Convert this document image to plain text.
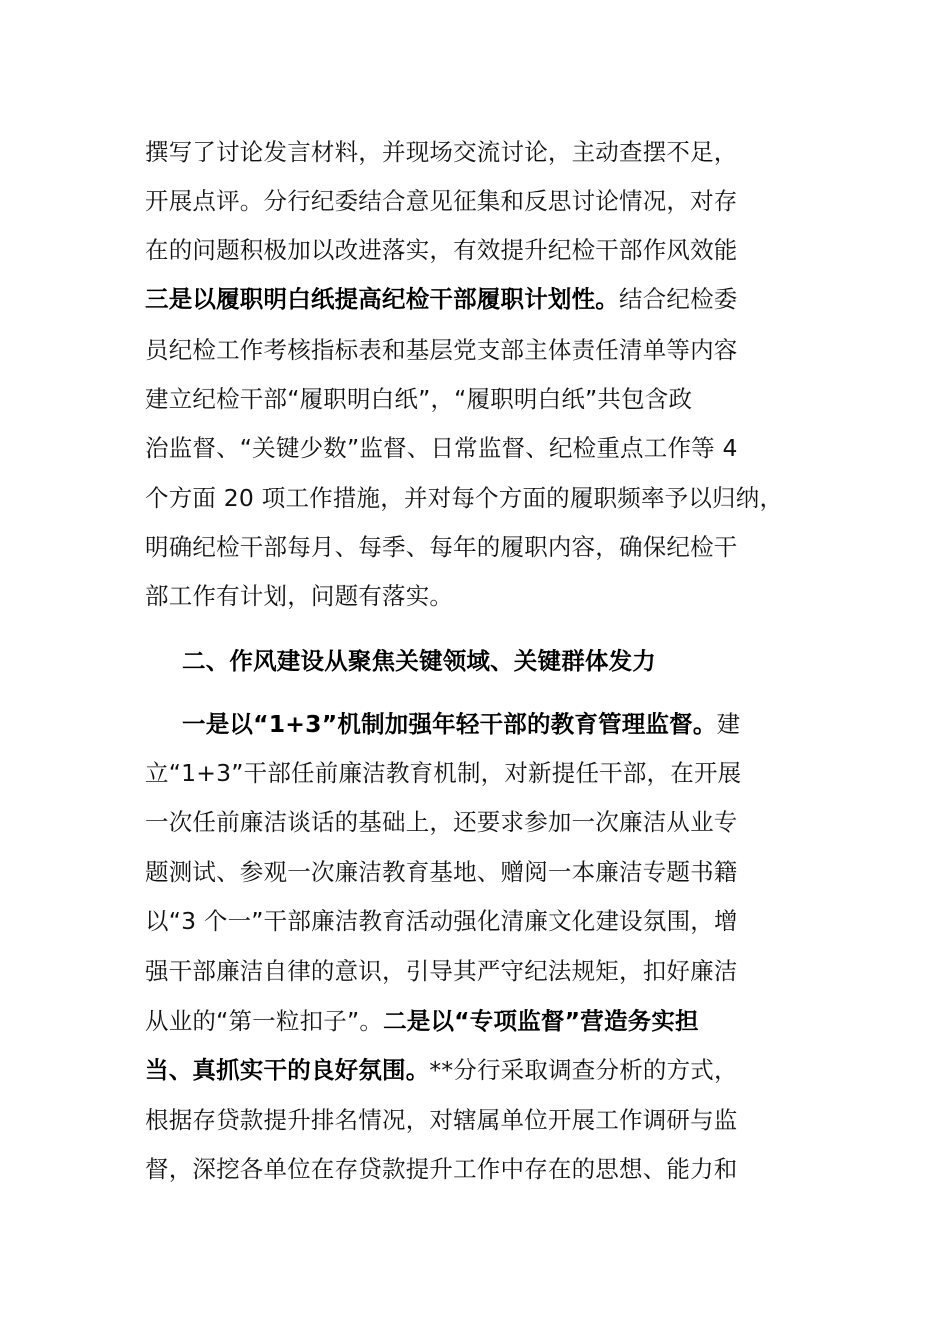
撰写了讨论发言材料，并现场交流讨论，主动查摆不足，

开展点评。分行纪委结合意见征集和反思讨论情况，对存

在的问题积极加以改进落实，有效提升纪检干部作风效能

三是以履职明白纸提高纪检干部履职计划性。结合纪检委

员纪检工作考核指标表和基层党支部主体责任清单等内容

建立纪检干部“履职明白纸”，“履职明白纸”共包含政

治监督、“关键少数”监督、日常监督、纪检重点工作等 4

个方面 20 项工作措施，并对每个方面的履职频率予以归纳，

明确纪检干部每月、每季、每年的履职内容，确保纪检干

部工作有计划，问题有落实。

二、作风建设从聚焦关键领域、关键群体发力

一是以“1+3”机制加强年轻干部的教育管理监督。建

立“1+3”干部任前廉洁教育机制，对新提任干部，在开展

一次任前廉洁谈话的基础上，还要求参加一次廉洁从业专

题测试、参观一次廉洁教育基地、赠阅一本廉洁专题书籍

以“3 个一”干部廉洁教育活动强化清廉文化建设氛围，增

强干部廉洁自律的意识，引导其严守纪法规矩，扣好廉洁

从业的“第一粒扣子”。二是以“专项监督”营造务实担

当、真抓实干的良好氛围。**分行采取调查分析的方式，

根据存贷款提升排名情况，对辖属单位开展工作调研与监

督，深挖各单位在存贷款提升工作中存在的思想、能力和
